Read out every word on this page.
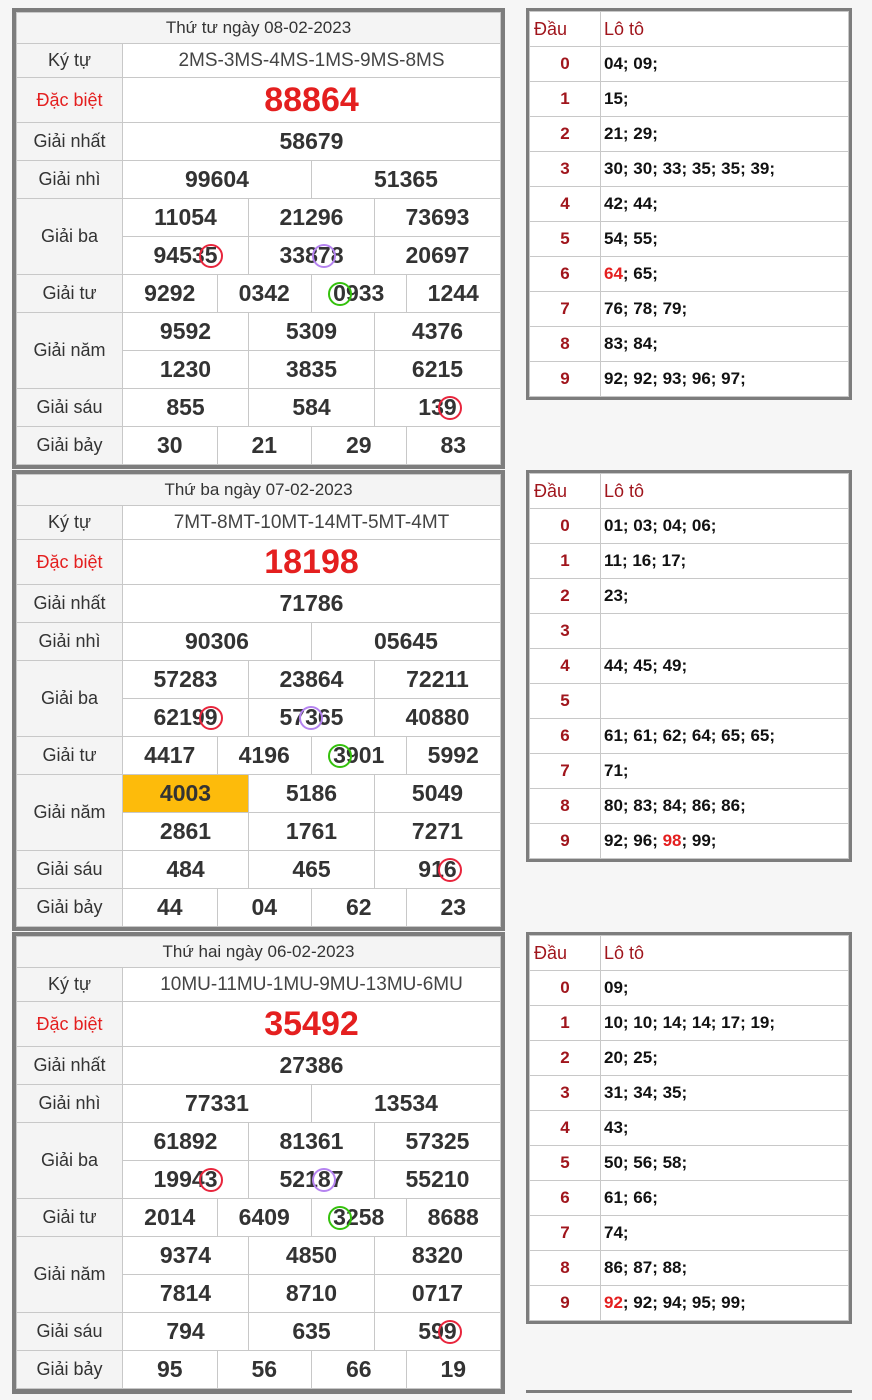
Thứ tư ngày 08-02-2023						
Ký tự	2MS-3MS-4MS-1MS-9MS-8MS					
Đặc biệt	88864					
Giải nhất	58679					
Giải nhì	99604			51365		
Giải ba	11054		21296		73693	
	94535		33878		20697	
Giải tư	9292	0342		0933		1244
Giải năm	9592		5309		4376	
	1230		3835		6215	
Giải sáu	855		584		139	
Giải bảy	30	21		29		83
Đầu	Lô tô
0	04; 09;
1	15;
2	21; 29;
3	30; 30; 33; 35; 35; 39;
4	42; 44;
5	54; 55;
6	64; 65;
7	76; 78; 79;
8	83; 84;
9	92; 92; 93; 96; 97;
Thứ ba ngày 07-02-2023						
Ký tự	7MT-8MT-10MT-14MT-5MT-4MT					
Đặc biệt	18198					
Giải nhất	71786					
Giải nhì	90306			05645		
Giải ba	57283		23864		72211	
	62199		57365		40880	
Giải tư	4417	4196		3901		5992
Giải năm	4003		5186		5049	
	2861		1761		7271	
Giải sáu	484		465		916	
Giải bảy	44	04		62		23
Đầu	Lô tô
0	01; 03; 04; 06;
1	11; 16; 17;
2	23;
3	
4	44; 45; 49;
5	
6	61; 61; 62; 64; 65; 65;
7	71;
8	80; 83; 84; 86; 86;
9	92; 96; 98; 99;
Thứ hai ngày 06-02-2023						
Ký tự	10MU-11MU-1MU-9MU-13MU-6MU					
Đặc biệt	35492					
Giải nhất	27386					
Giải nhì	77331			13534		
Giải ba	61892		81361		57325	
	19943		52187		55210	
Giải tư	2014	6409		3258		8688
Giải năm	9374		4850		8320	
	7814		8710		0717	
Giải sáu	794		635		599	
Giải bảy	95	56		66		19
Đầu	Lô tô
0	09;
1	10; 10; 14; 14; 17; 19;
2	20; 25;
3	31; 34; 35;
4	43;
5	50; 56; 58;
6	61; 66;
7	74;
8	86; 87; 88;
9	92; 92; 94; 95; 99;
